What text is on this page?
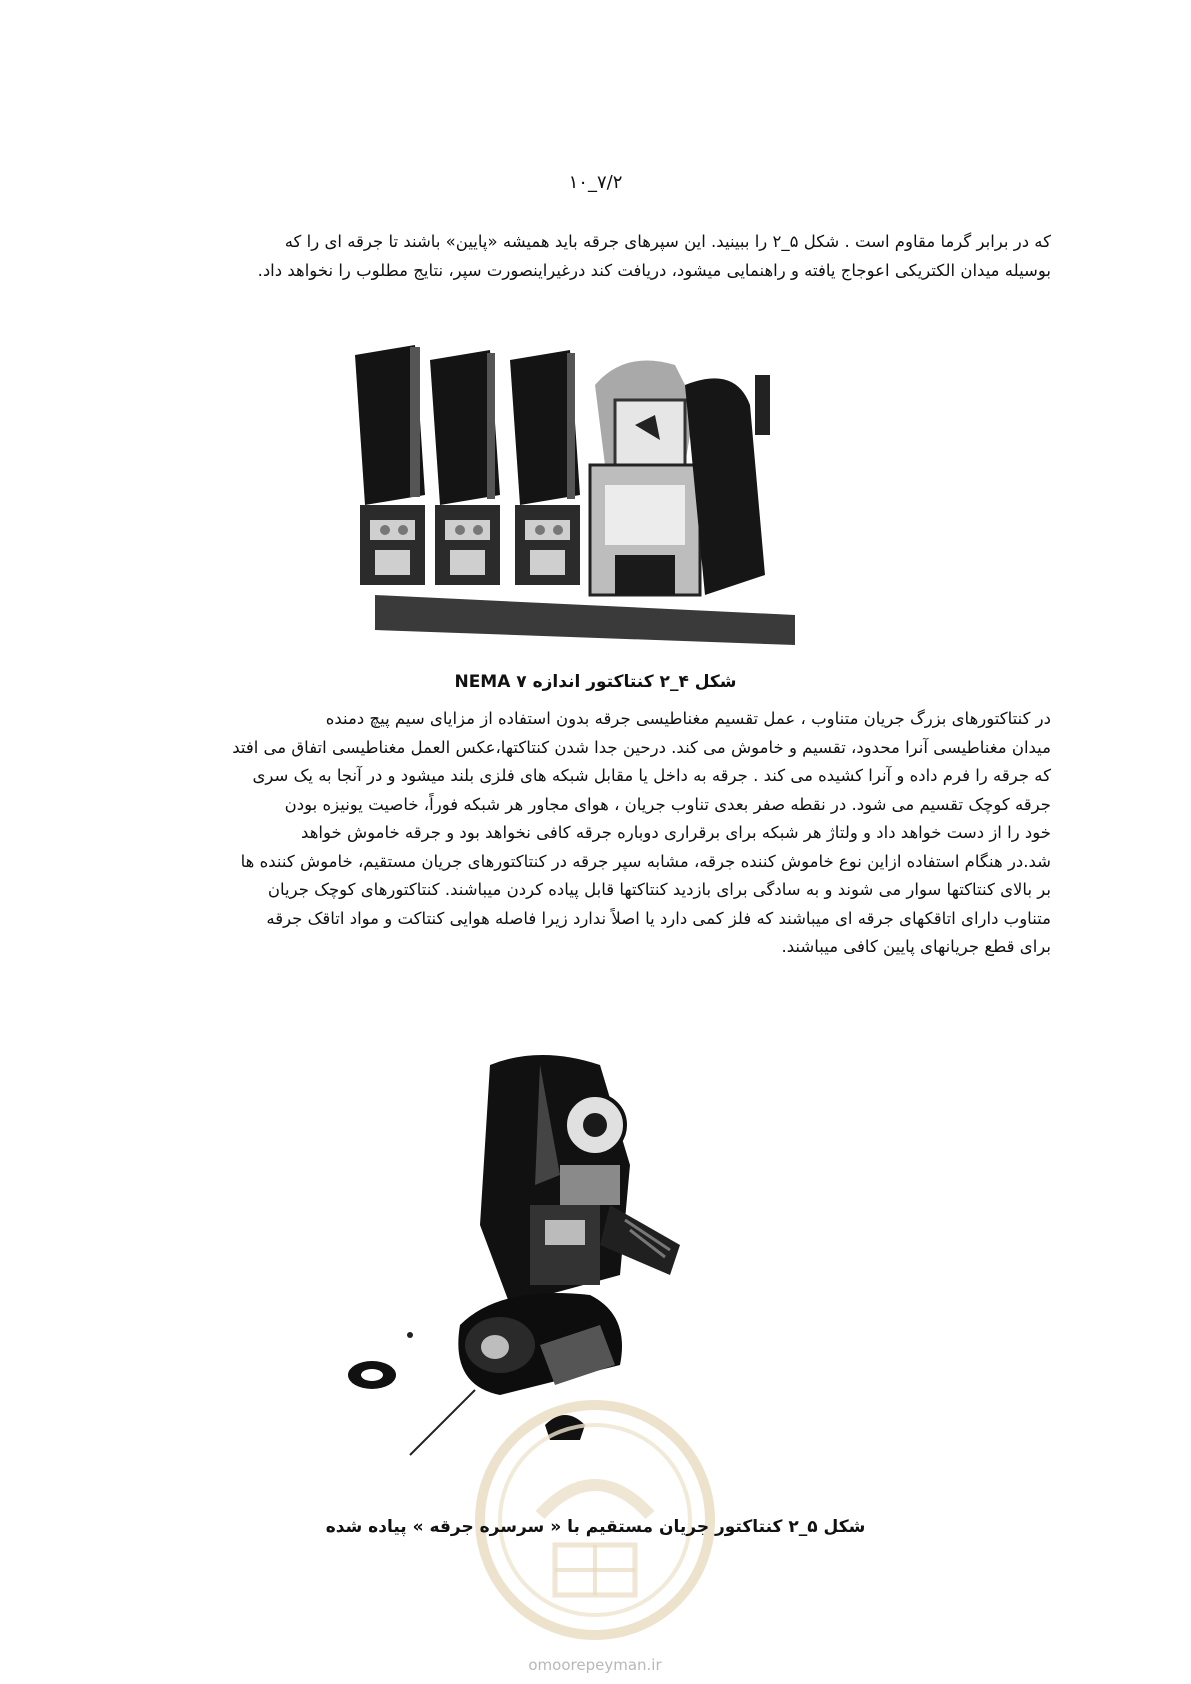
۷/۲_۱۰
که در برابر گرما مقاوم است . شکل ۵_۲ را ببینید. این سپرهای جرقه باید همیشه «پایین» باشند تا جرقه ای را که
بوسیله میدان الکتریکی اعوجاج یافته و راهنمایی میشود، دریافت کند درغیراینصورت سپر، نتایج مطلوب را نخواهد داد.
شکل ۴_۲ کنتاکتور اندازه NEMA ۷
در کنتاکتورهای بزرگ جریان متناوب ، عمل تقسیم مغناطیسی جرقه بدون استفاده از مزایای سیم پیچ دمنده
میدان مغناطیسی آنرا محدود، تقسیم و خاموش می کند. درحین جدا شدن کنتاکتها،عکس العمل مغناطیسی اتفاق می افتد
که جرقه را فرم داده و آنرا کشیده می کند . جرقه به داخل یا مقابل شبکه های فلزی بلند میشود و در آنجا به یک سری
جرقه کوچک تقسیم می شود. در نقطه صفر بعدی تناوب جریان ، هوای مجاور هر شبکه فوراً، خاصیت یونیزه بودن
خود را از دست خواهد داد و ولتاژ هر شبکه برای برقراری دوباره جرقه کافی نخواهد بود و جرقه خاموش خواهد
شد.در هنگام استفاده ازاین نوع خاموش کننده جرقه، مشابه سپر جرقه در کنتاکتورهای جریان مستقیم، خاموش کننده ها
بر بالای کنتاکتها سوار می شوند و به سادگی برای بازدید کنتاکتها قابل پیاده کردن میباشند. کنتاکتورهای کوچک جریان
متناوب دارای اتاقکهای جرقه ای میباشند که فلز کمی دارد یا اصلاً ندارد زیرا فاصله هوایی کنتاکت و مواد اتاقک جرقه
برای قطع جریانهای پایین کافی میباشند.
شکل ۵_۲ کنتاکتور جریان مستقیم با « سرسره جرقه » پیاده شده
omoorepeyman.ir
